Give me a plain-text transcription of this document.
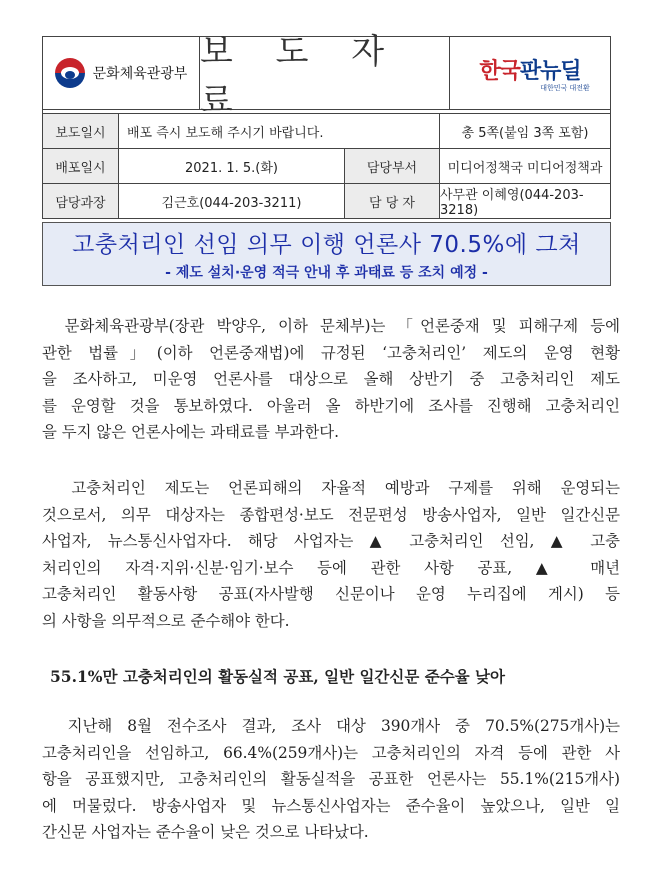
문화체육관광부
보 도 자 료
한국판뉴딜
대한민국 대전환
보도일시	배포 즉시 보도해 주시기 바랍니다.	총 5쪽(붙임 3쪽 포함)
배포일시	2021. 1. 5.(화)	담당부서	미디어정책국 미디어정책과
담당과장	김근호(044-203-3211)	담 당 자	사무관 이혜영(044-203-3218)
고충처리인 선임 의무 이행 언론사 70.5%에 그쳐
- 제도 설치·운영 적극 안내 후 과태료 등 조치 예정 -

　문화체육관광부(장관 박양우, 이하 문체부)는 「언론중재 및 피해구제 등에
관한 법률」(이하 언론중재법)에 규정된 ‘고충처리인’ 제도의 운영 현황
을 조사하고, 미운영 언론사를 대상으로 올해 상반기 중 고충처리인 제도
를 운영할 것을 통보하였다. 아울러 올 하반기에 조사를 진행해 고충처리인
을 두지 않은 언론사에는 과태료를 부과한다.

　고충처리인 제도는 언론피해의 자율적 예방과 구제를 위해 운영되는
것으로서, 의무 대상자는 종합편성·보도 전문편성 방송사업자, 일반 일간신문
사업자, 뉴스통신사업자다. 해당 사업자는 ▲ 고충처리인 선임, ▲ 고충
처리인의 자격·지위·신분·임기·보수 등에 관한 사항 공표, ▲ 매년
고충처리인 활동사항 공표(자사발행 신문이나 운영 누리집에 게시) 등
의 사항을 의무적으로 준수해야 한다.

55.1%만 고충처리인의 활동실적 공표, 일반 일간신문 준수율 낮아

　지난해 8월 전수조사 결과, 조사 대상 390개사 중 70.5%(275개사)는
고충처리인을 선임하고, 66.4%(259개사)는 고충처리인의 자격 등에 관한 사
항을 공표했지만, 고충처리인의 활동실적을 공표한 언론사는 55.1%(215개사)
에 머물렀다. 방송사업자 및 뉴스통신사업자는 준수율이 높았으나, 일반 일
간신문 사업자는 준수율이 낮은 것으로 나타났다.
